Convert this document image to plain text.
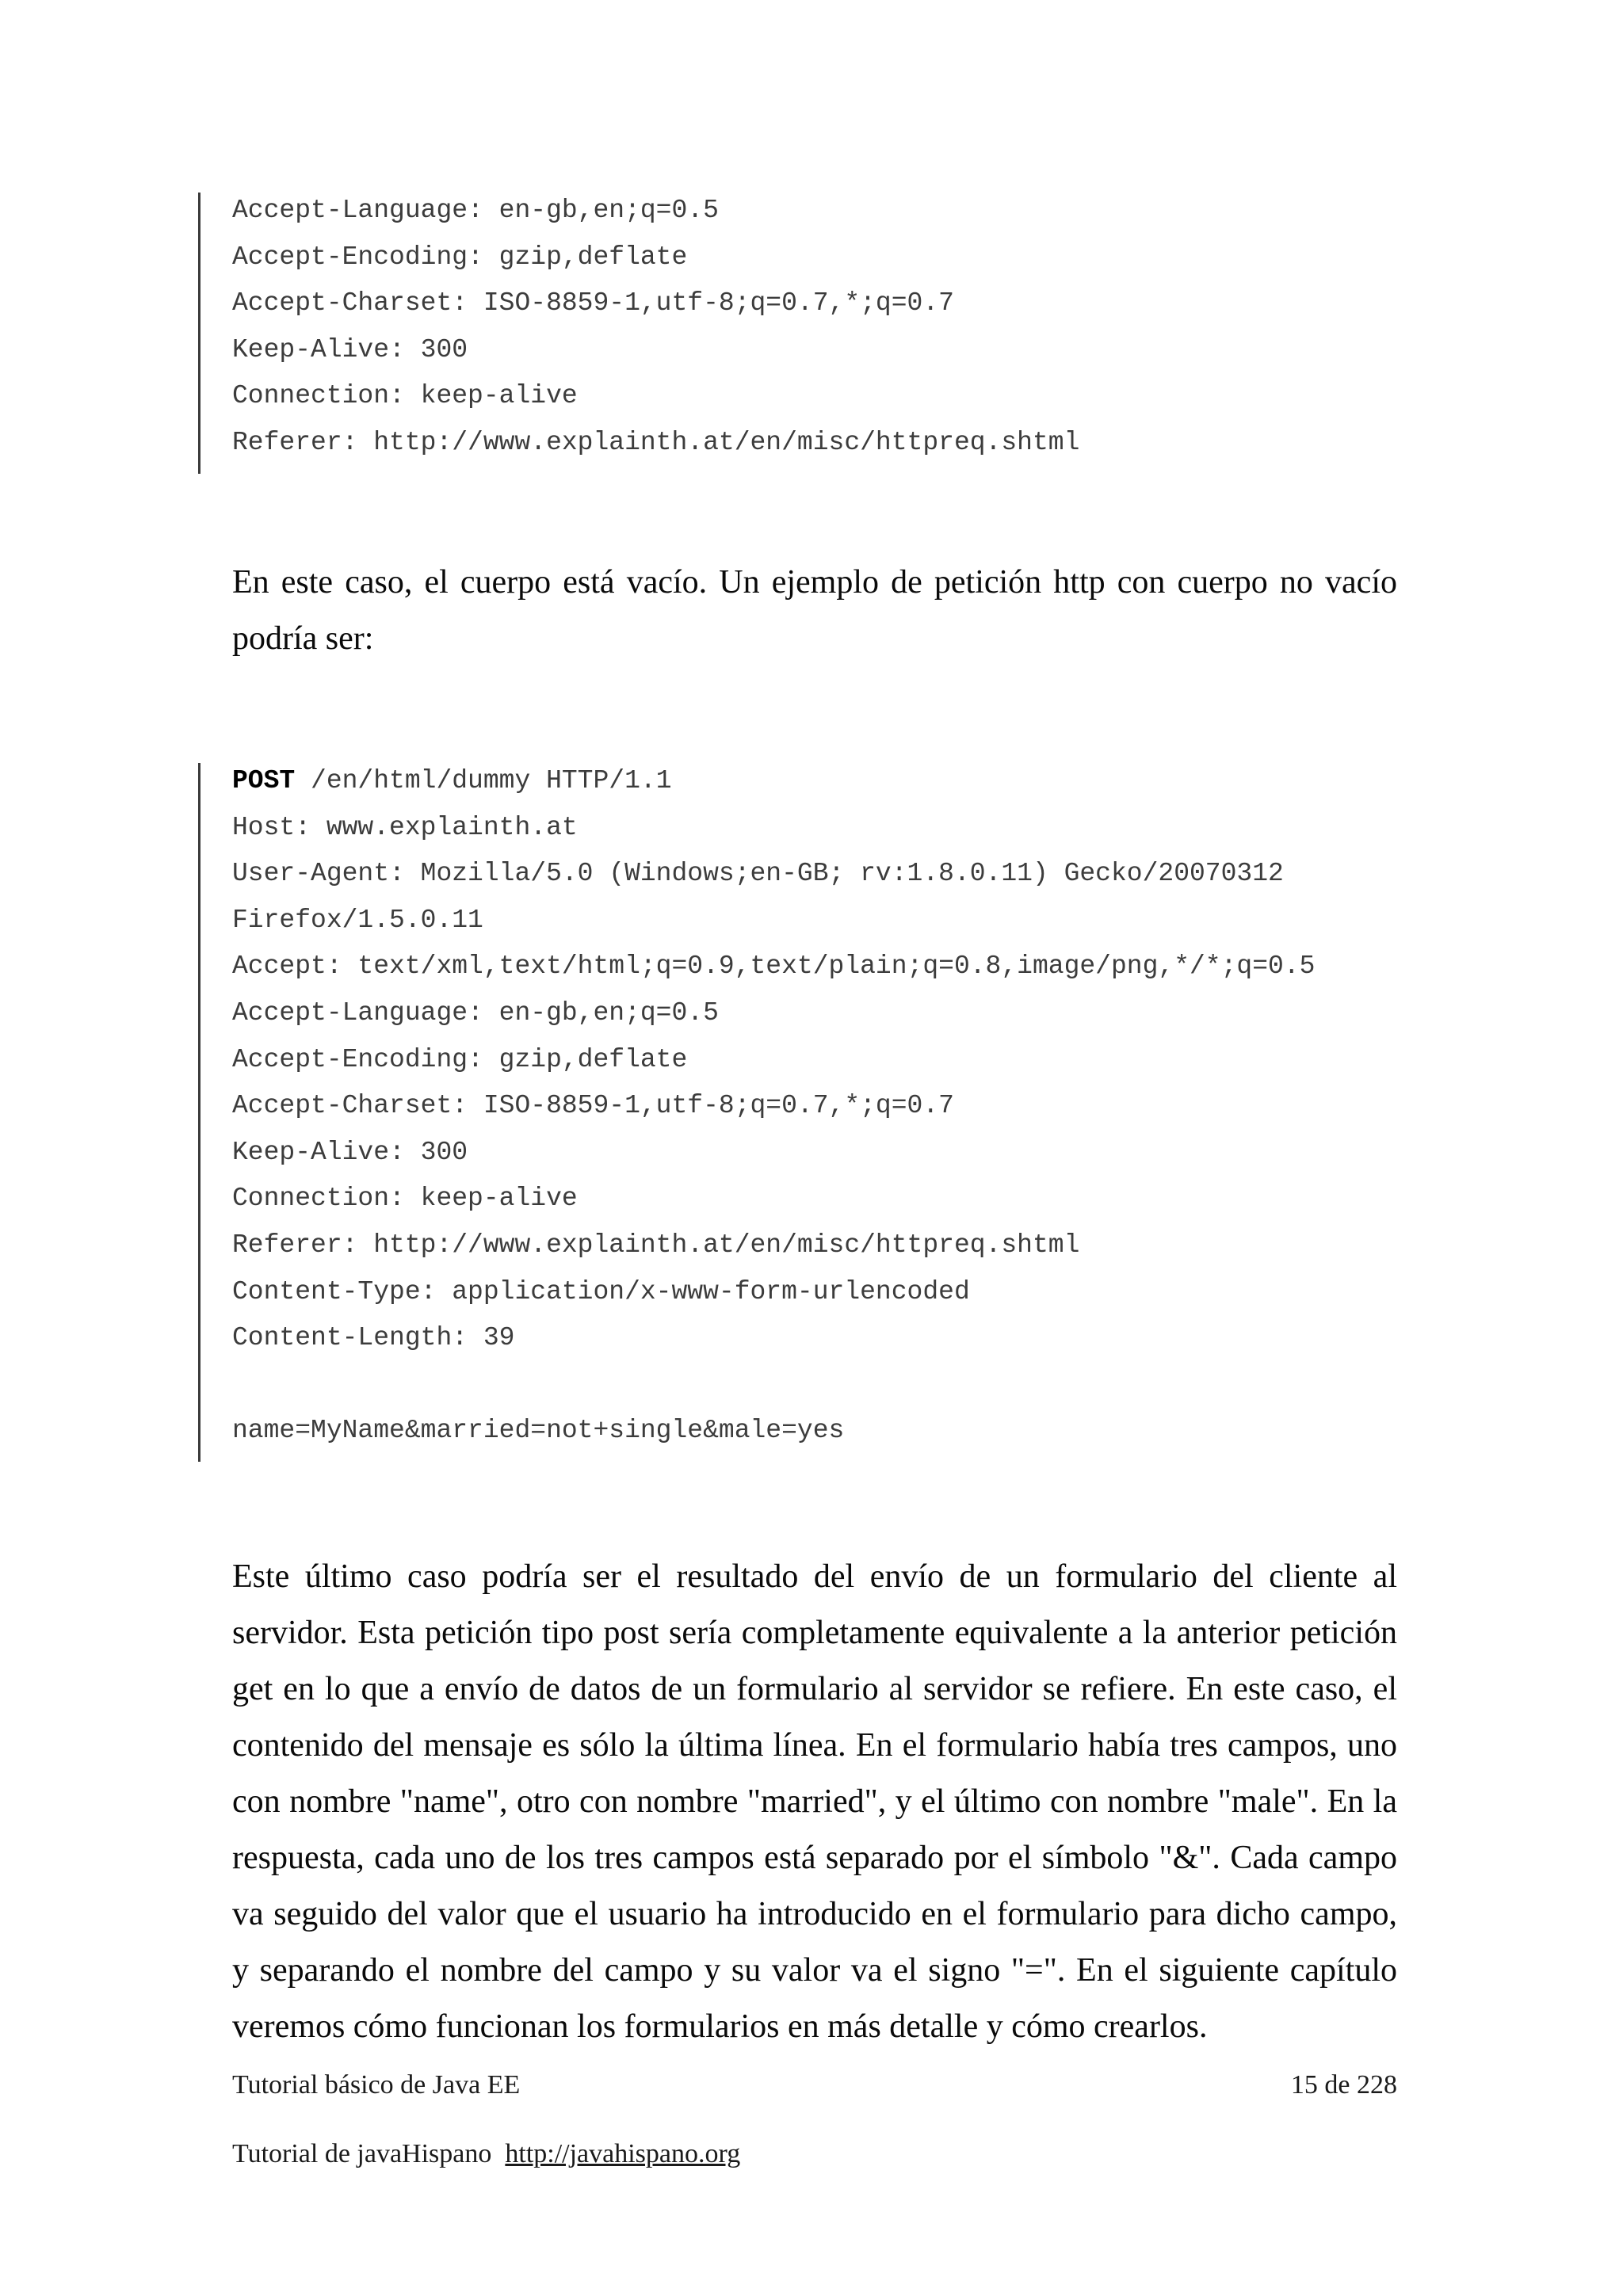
Accept-Language: en-gb,en;q=0.5
Accept-Encoding: gzip,deflate
Accept-Charset: ISO-8859-1,utf-8;q=0.7,*;q=0.7
Keep-Alive: 300
Connection: keep-alive
Referer: http://www.explainth.at/en/misc/httpreq.shtml
En este caso, el cuerpo está vacío. Un ejemplo de petición http con cuerpo no vacío podría ser:
POST /en/html/dummy HTTP/1.1
Host: www.explainth.at
User-Agent: Mozilla/5.0 (Windows;en-GB; rv:1.8.0.11) Gecko/20070312
Firefox/1.5.0.11
Accept: text/xml,text/html;q=0.9,text/plain;q=0.8,image/png,*/*;q=0.5
Accept-Language: en-gb,en;q=0.5
Accept-Encoding: gzip,deflate
Accept-Charset: ISO-8859-1,utf-8;q=0.7,*;q=0.7
Keep-Alive: 300
Connection: keep-alive
Referer: http://www.explainth.at/en/misc/httpreq.shtml
Content-Type: application/x-www-form-urlencoded
Content-Length: 39
name=MyName&married=not+single&male=yes
Este último caso podría ser el resultado del envío de un formulario del cliente al servidor. Esta petición tipo post sería completamente equivalente a la anterior petición get en lo que a envío de datos de un formulario al servidor se refiere. En este caso, el contenido del mensaje es sólo la última línea. En el formulario había tres campos, uno con nombre "name", otro con nombre "married", y el último con nombre "male". En la respuesta, cada uno de los tres campos está separado por el símbolo "&". Cada campo va seguido del valor que el usuario ha introducido en el formulario para dicho campo, y separando el nombre del campo y su valor va el signo "=". En el siguiente capítulo veremos cómo funcionan los formularios en más detalle y cómo crearlos.
Tutorial básico de Java EE	15 de 228
Tutorial de javaHispano http://javahispano.org
